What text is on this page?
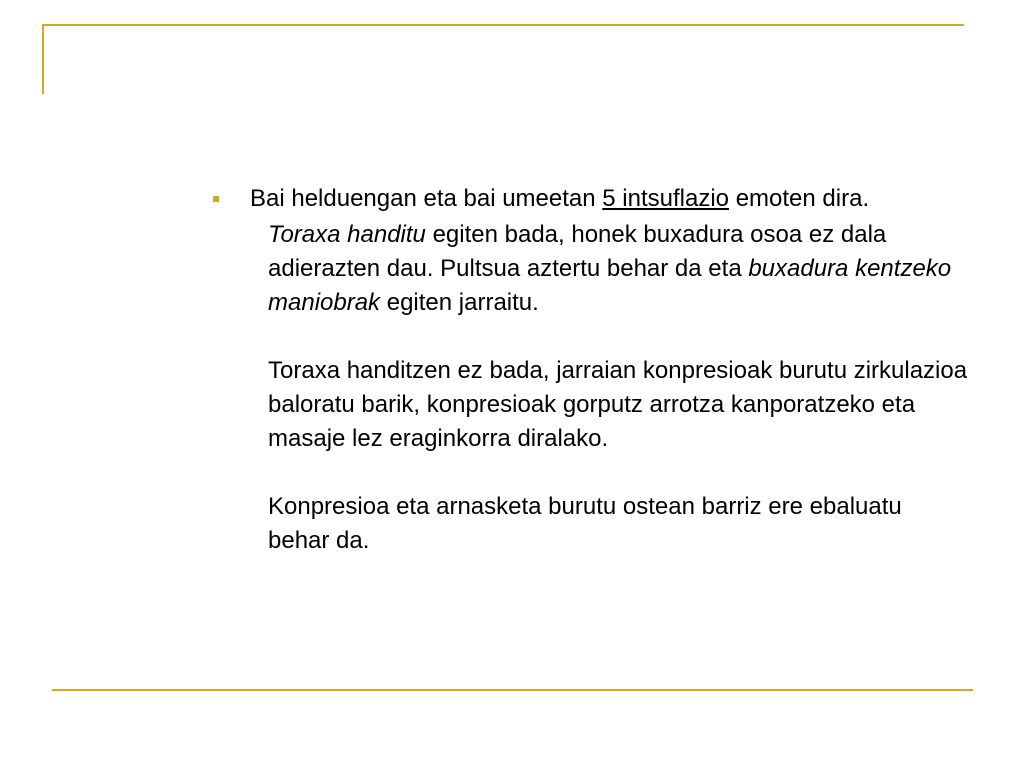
Bai helduengan eta bai umeetan 5 intsuflazio emoten dira.
Toraxa handitu egiten bada, honek buxadura osoa ez dala adierazten dau. Pultsua aztertu behar da eta buxadura kentzeko maniobrak egiten jarraitu.
Toraxa handitzen ez bada, jarraian konpresioak burutu zirkulazioa baloratu barik, konpresioak gorputz arrotza kanporatzeko eta masaje lez eraginkorra diralako.
Konpresioa eta arnasketa burutu ostean barriz ere ebaluatu behar da.
